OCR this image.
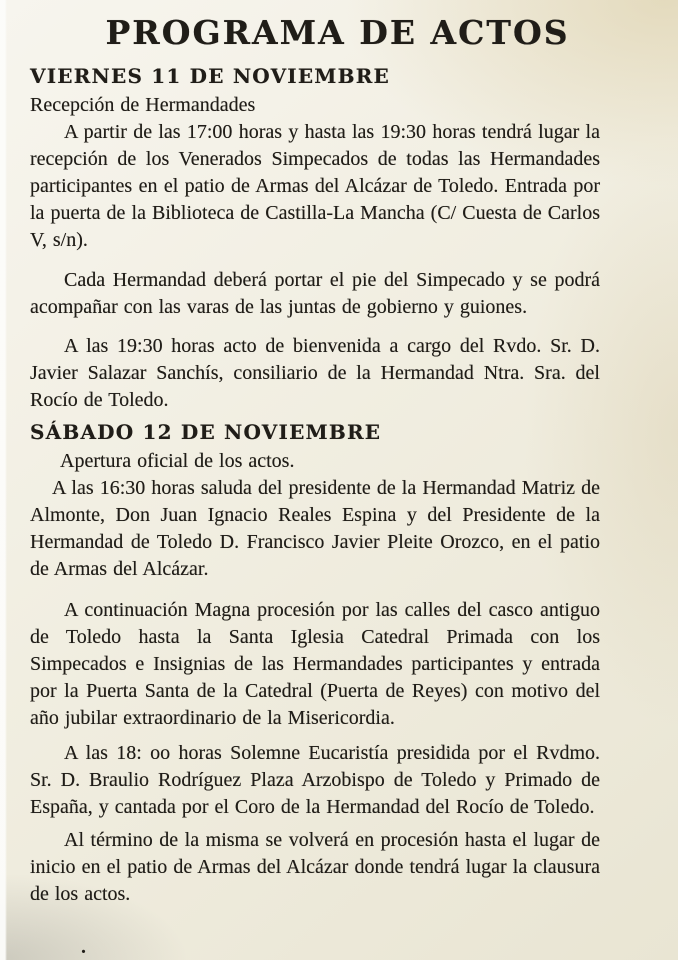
PROGRAMA DE ACTOS
VIERNES 11 DE NOVIEMBRE
Recepción de Hermandades

A partir de las 17:00 horas y hasta las 19:30 horas tendrá lugar la recepción de los Venerados Simpecados de todas las Hermandades participantes en el patio de Armas del Alcázar de Toledo. Entrada por la puerta de la Biblioteca de Castilla-La Mancha (C/ Cuesta de Carlos V, s/n).

Cada Hermandad deberá portar el pie del Simpecado y se podrá acompañar con las varas de las juntas de gobierno y guiones.

A las 19:30 horas acto de bienvenida a cargo del Rvdo. Sr. D. Javier Salazar Sanchís, consiliario de la Hermandad Ntra. Sra. del Rocío de Toledo.

SÁBADO 12 DE NOVIEMBRE
Apertura oficial de los actos.

A las 16:30 horas saluda del presidente de la Hermandad Matriz de Almonte, Don Juan Ignacio Reales Espina y del Presidente de la Hermandad de Toledo D. Francisco Javier Pleite Orozco, en el patio de Armas del Alcázar.

A continuación Magna procesión por las calles del casco antiguo de Toledo hasta la Santa Iglesia Catedral Primada con los Simpecados e Insignias de las Hermandades participantes y entrada por la Puerta Santa de la Catedral (Puerta de Reyes) con motivo del año jubilar extraordinario de la Misericordia.

A las 18: oo horas Solemne Eucaristía presidida por el Rvdmo. Sr. D. Braulio Rodríguez Plaza Arzobispo de Toledo y Primado de España, y cantada por el Coro de la Hermandad del Rocío de Toledo.

Al término de la misma se volverá en procesión hasta el lugar de inicio en el patio de Armas del Alcázar donde tendrá lugar la clausura de los actos.

.
